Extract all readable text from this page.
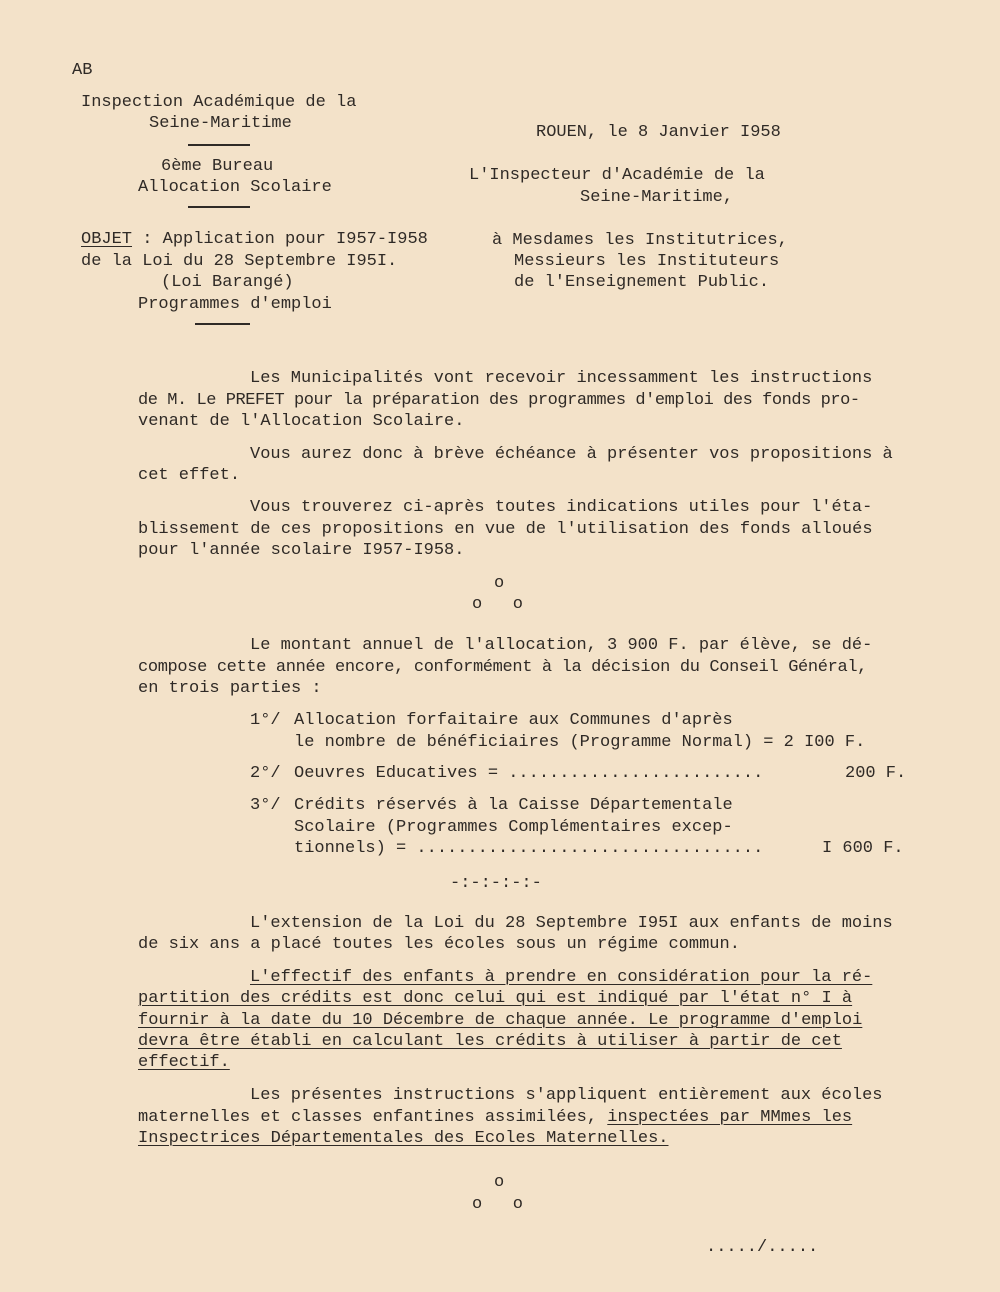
AB
Inspection Académique de la
Seine-Maritime
6ème Bureau
Allocation Scolaire
ROUEN, le 8 Janvier I958
L'Inspecteur d'Académie de la
Seine-Maritime,
OBJET : Application pour I957-I958
de la Loi du 28 Septembre I95I.
(Loi Barangé)
Programmes d'emploi
à Mesdames les Institutrices,
Messieurs les Instituteurs
de l'Enseignement Public.
Les Municipalités vont recevoir incessamment les instructions
de M. Le PREFET pour la préparation des programmes d'emploi des fonds pro-
venant de l'Allocation Scolaire.
Vous aurez donc à brève échéance à présenter vos propositions à
cet effet.
Vous trouverez ci-après toutes indications utiles pour l'éta-
blissement de ces propositions en vue de l'utilisation des fonds alloués
pour l'année scolaire I957-I958.
o
o   o
Le montant annuel de l'allocation, 3 900 F. par élève, se dé-
compose cette année encore, conformément à la décision du Conseil Général,
en trois parties :
1°/ Allocation forfaitaire aux Communes d'après
le nombre de bénéficiaires (Programme Normal) = 2 I00 F.
2°/ Oeuvres Educatives = .........................	200 F.
3°/ Crédits réservés à la Caisse Départementale
Scolaire (Programmes Complémentaires excep-
tionnels) = ..................................	I 600 F.
-:-:-:-:-
L'extension de la Loi du 28 Septembre I95I aux enfants de moins
de six ans a placé toutes les écoles sous un régime commun.
L'effectif des enfants à prendre en considération pour la ré-
partition des crédits est donc celui qui est indiqué par l'état n° I à
fournir à la date du 10 Décembre de chaque année. Le programme d'emploi
devra être établi en calculant les crédits à utiliser à partir de cet
effectif.
Les présentes instructions s'appliquent entièrement aux écoles
maternelles et classes enfantines assimilées, inspectées par MMmes les
Inspectrices Départementales des Ecoles Maternelles.
o
o   o
...../.....
